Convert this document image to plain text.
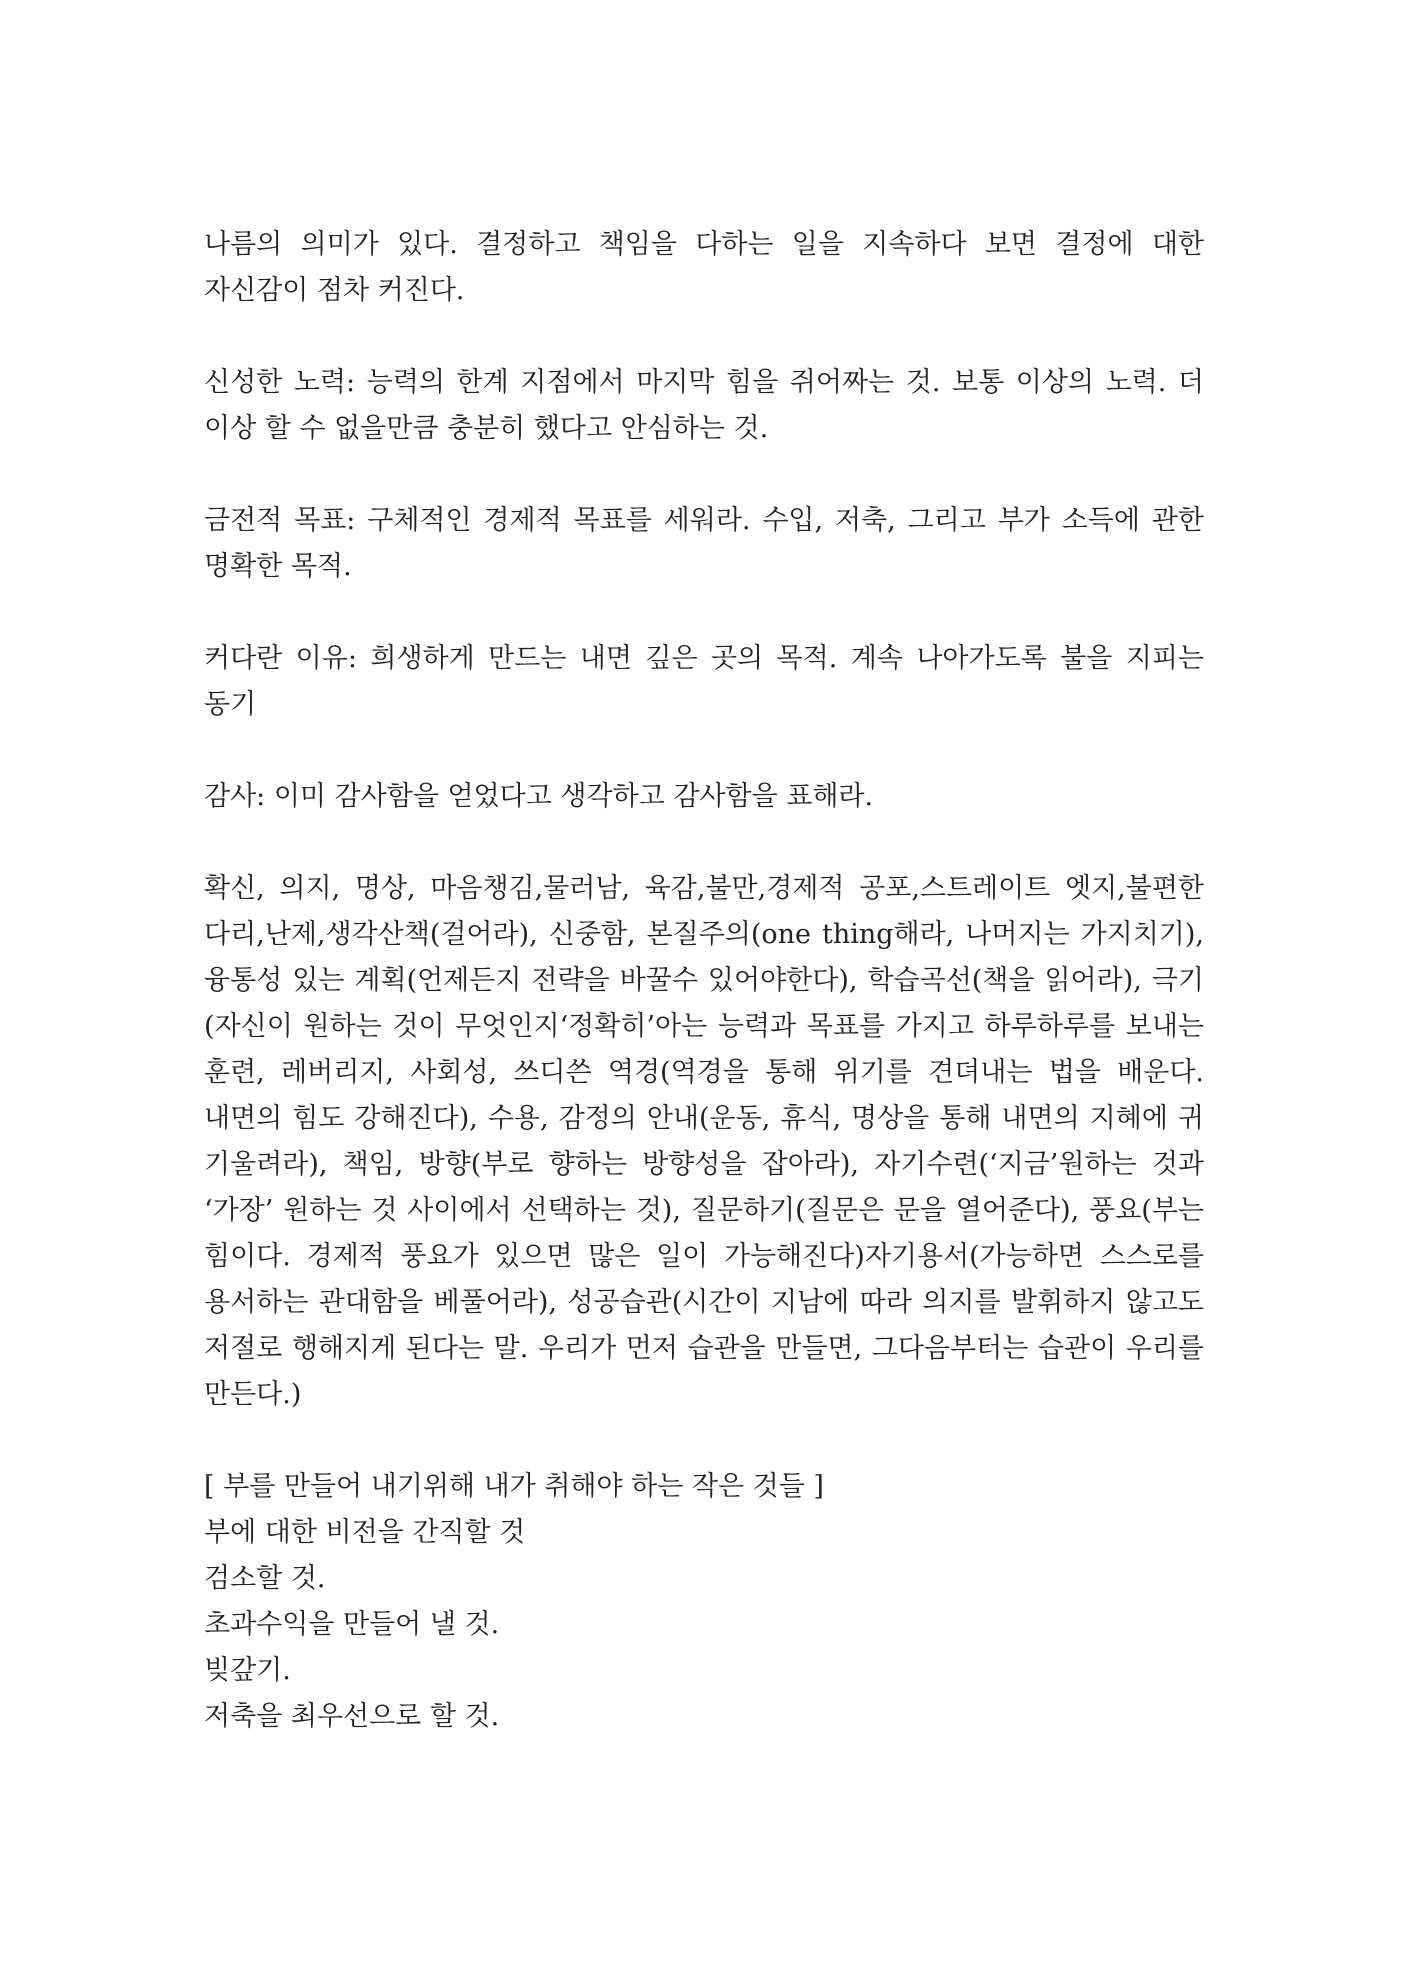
나름의 의미가 있다. 결정하고 책임을 다하는 일을 지속하다 보면 결정에 대한 자신감이 점차 커진다.

신성한 노력: 능력의 한계 지점에서 마지막 힘을 쥐어짜는 것. 보통 이상의 노력. 더 이상 할 수 없을만큼 충분히 했다고 안심하는 것.

금전적 목표: 구체적인 경제적 목표를 세워라. 수입, 저축, 그리고 부가 소득에 관한 명확한 목적.

커다란 이유: 희생하게 만드는 내면 깊은 곳의 목적. 계속 나아가도록 불을 지피는 동기

감사: 이미 감사함을 얻었다고 생각하고 감사함을 표해라.

확신, 의지, 명상, 마음챙김,물러남, 육감,불만,경제적 공포,스트레이트 엣지,불편한 다리,난제,생각산책(걸어라), 신중함, 본질주의(one thing해라, 나머지는 가지치기), 융통성 있는 계획(언제든지 전략을 바꿀수 있어야한다), 학습곡선(책을 읽어라), 극기(자신이 원하는 것이 무엇인지‘정확히’아는 능력과 목표를 가지고 하루하루를 보내는 훈련, 레버리지, 사회성, 쓰디쓴 역경(역경을 통해 위기를 견뎌내는 법을 배운다. 내면의 힘도 강해진다), 수용, 감정의 안내(운동, 휴식, 명상을 통해 내면의 지혜에 귀 기울려라), 책임, 방향(부로 향하는 방향성을 잡아라), 자기수련(‘지금’원하는 것과 ‘가장’ 원하는 것 사이에서 선택하는 것), 질문하기(질문은 문을 열어준다), 풍요(부는 힘이다. 경제적 풍요가 있으면 많은 일이 가능해진다)자기용서(가능하면 스스로를 용서하는 관대함을 베풀어라), 성공습관(시간이 지남에 따라 의지를 발휘하지 않고도 저절로 행해지게 된다는 말. 우리가 먼저 습관을 만들면, 그다음부터는 습관이 우리를 만든다.)

[ 부를 만들어 내기위해 내가 취해야 하는 작은 것들 ]

부에 대한 비전을 간직할 것

검소할 것.

초과수익을 만들어 낼 것.

빚갚기.

저축을 최우선으로 할 것.
